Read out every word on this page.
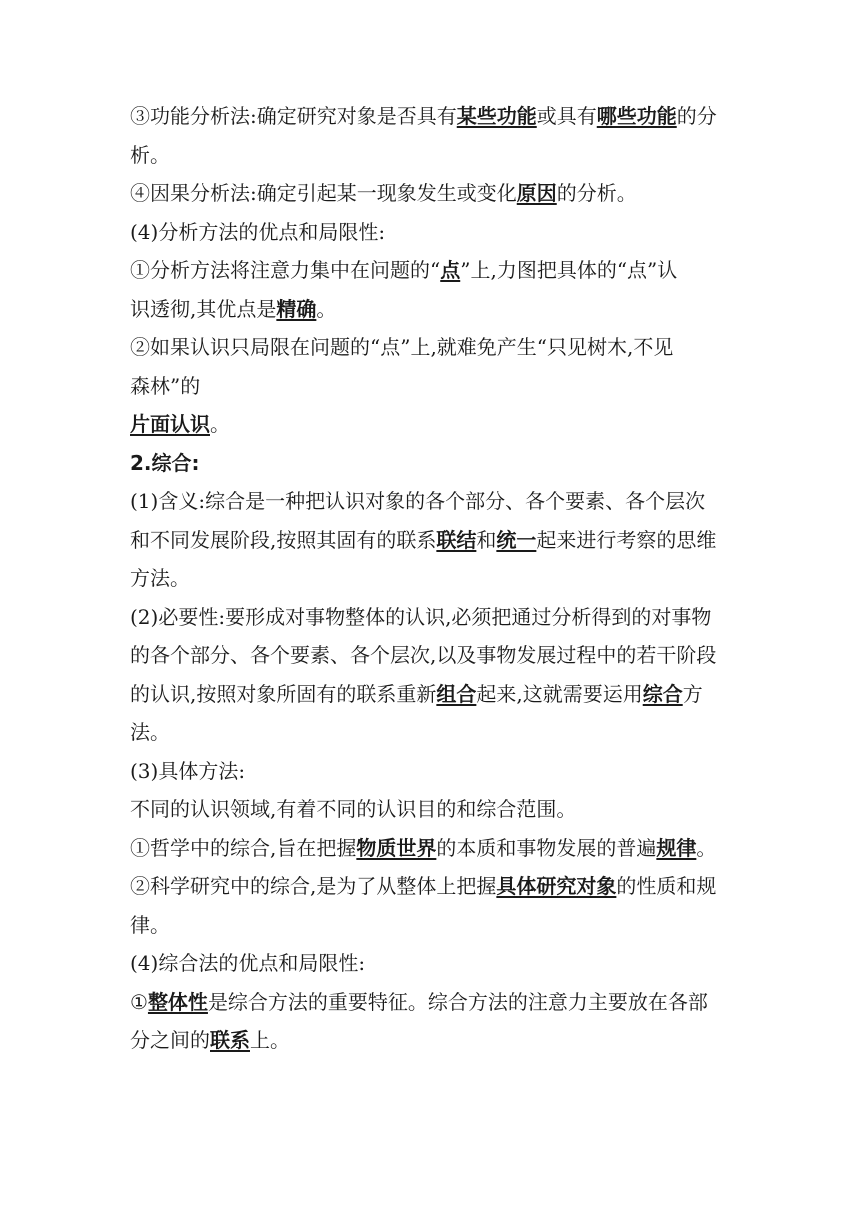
③功能分析法:确定研究对象是否具有某些功能或具有哪些功能的分
析。
④因果分析法:确定引起某一现象发生或变化原因的分析。
(4)分析方法的优点和局限性:
①分析方法将注意力集中在问题的“点”上,力图把具体的“点”认
识透彻,其优点是精确。
②如果认识只局限在问题的“点”上,就难免产生“只见树木,不见
森林”的
片面认识。
2.综合:
(1)含义:综合是一种把认识对象的各个部分、各个要素、各个层次
和不同发展阶段,按照其固有的联系联结和统一起来进行考察的思维
方法。
(2)必要性:要形成对事物整体的认识,必须把通过分析得到的对事物
的各个部分、各个要素、各个层次,以及事物发展过程中的若干阶段
的认识,按照对象所固有的联系重新组合起来,这就需要运用综合方
法。
(3)具体方法:
不同的认识领域,有着不同的认识目的和综合范围。
①哲学中的综合,旨在把握物质世界的本质和事物发展的普遍规律。
②科学研究中的综合,是为了从整体上把握具体研究对象的性质和规
律。
(4)综合法的优点和局限性:
①整体性是综合方法的重要特征。综合方法的注意力主要放在各部
分之间的联系上。
